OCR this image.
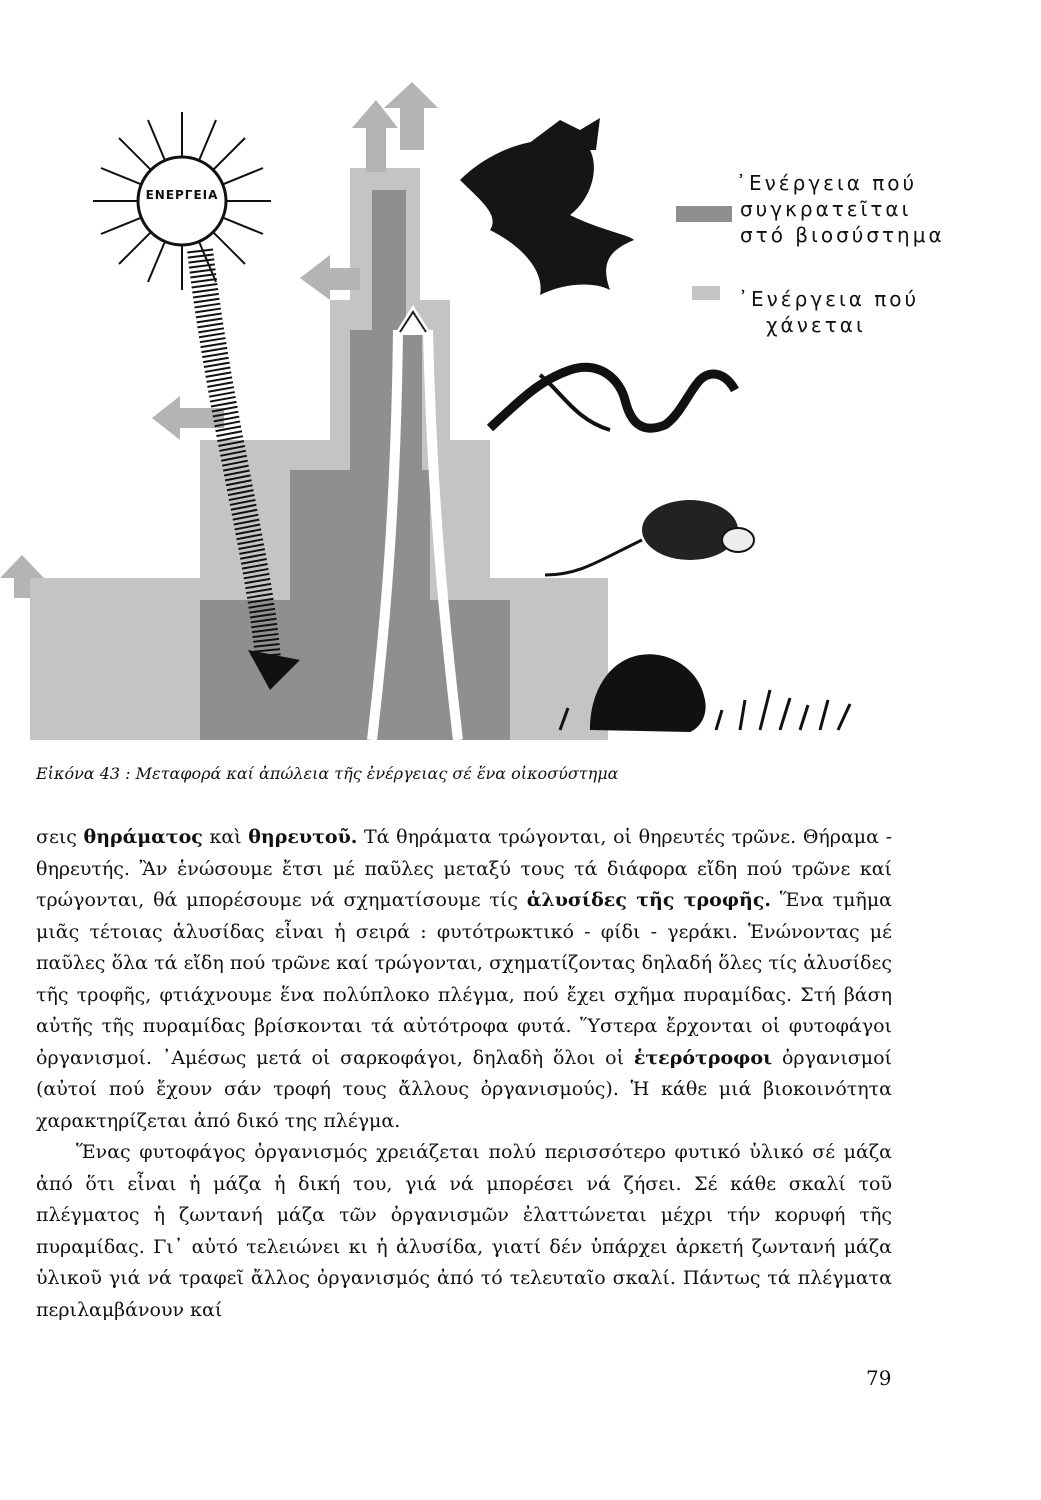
ΕΝΕΡΓΕΙΑ	᾿Ενέργεια πού
συγκρατεῖται
στό βιοσύστημα
᾿Ενέργεια πού
χάνεται
Εἰκόνα 43 : Μεταφορά καί ἀπώλεια τῆς ἐνέργειας σέ ἕνα οἰκοσύστημα

σεις θηράματος καὶ θηρευτοῦ. Τά θηράματα τρώγονται, οἱ θηρευτές τρῶνε. Θήραμα - θηρευτής. Ἂν ἑνώσουμε ἔτσι μέ παῦλες μεταξύ τους τά διάφορα εἴδη πού τρῶνε καί τρώγονται, θά μπορέσουμε νά σχηματίσουμε τίς ἁλυσίδες τῆς τροφῆς. Ἕνα τμῆμα μιᾶς τέτοιας ἁλυσίδας εἶναι ἡ σειρά : φυτότρωκτικό - φίδι - γεράκι. Ἑνώνοντας μέ παῦλες ὅλα τά εἴδη πού τρῶνε καί τρώγονται, σχηματίζοντας δηλαδή ὅλες τίς ἁλυσίδες τῆς τροφῆς, φτιάχνουμε ἕνα πολύπλοκο πλέγμα, πού ἔχει σχῆμα πυραμίδας. Στή βάση αὐτῆς τῆς πυραμίδας βρίσκονται τά αὐτότροφα φυτά. Ὕστερα ἔρχονται οἱ φυτοφάγοι ὀργανισμοί. ᾿Αμέσως μετά οἱ σαρκοφάγοι, δηλαδὴ ὅλοι οἱ ἑτερότροφοι ὀργανισμοί (αὐτοί πού ἔχουν σάν τροφή τους ἄλλους ὀργανισμούς). Ἡ κάθε μιά βιοκοινότητα χαρακτηρίζεται ἀπό δικό της πλέγμα.

Ἕνας φυτοφάγος ὀργανισμός χρειάζεται πολύ περισσότερο φυτικό ὑλικό σέ μάζα ἀπό ὅτι εἶναι ἡ μάζα ἡ δική του, γιά νά μπορέσει νά ζήσει. Σέ κάθε σκαλί τοῦ πλέγματος ἡ ζωντανή μάζα τῶν ὀργανισμῶν ἐλαττώνεται μέχρι τήν κορυφή τῆς πυραμίδας. Γι᾿ αὐτό τελειώνει κι ἡ ἁλυσίδα, γιατί δέν ὑπάρχει ἀρκετή ζωντανή μάζα ὑλικοῦ γιά νά τραφεῖ ἄλλος ὀργανισμός ἀπό τό τελευταῖο σκαλί. Πάντως τά πλέγματα περιλαμβάνουν καί

79
